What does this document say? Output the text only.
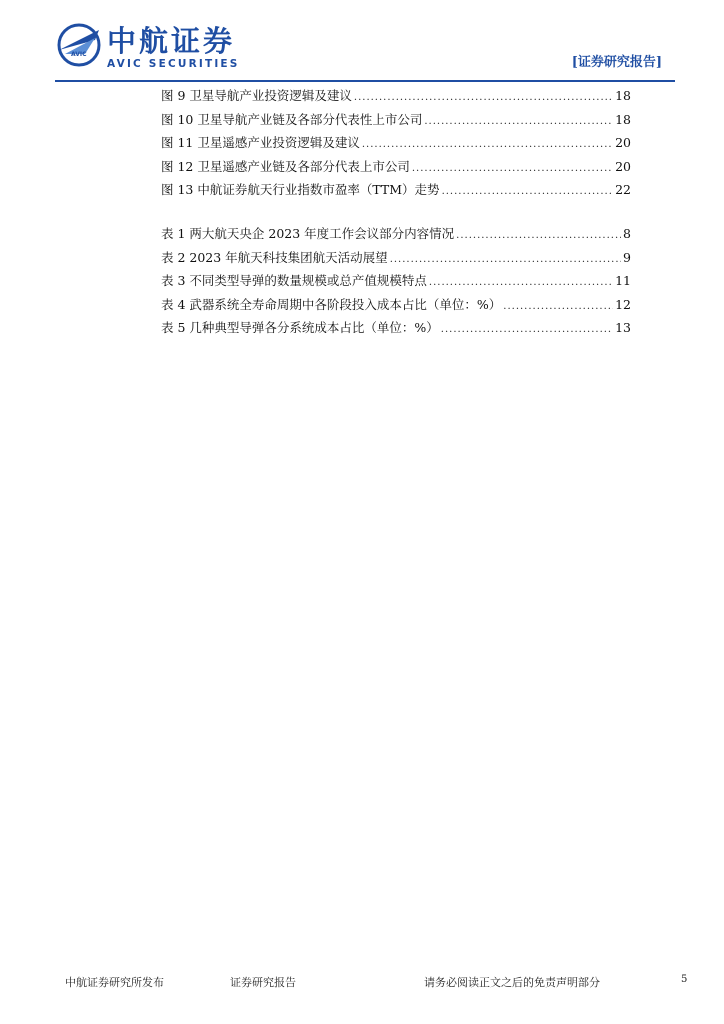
AVIC 中航证券
AVIC SECURITIES	[证券研究报告]
图 9 卫星导航产业投资逻辑及建议 .....	18
图 10 卫星导航产业链及各部分代表性上市公司 .....	18
图 11 卫星遥感产业投资逻辑及建议 .....	20
图 12 卫星遥感产业链及各部分代表上市公司 .....	20
图 13 中航证券航天行业指数市盈率（TTM）走势 .....	22
表 1 两大航天央企 2023 年度工作会议部分内容情况 .....	8
表 2 2023 年航天科技集团航天活动展望 .....	9
表 3 不同类型导弹的数量规模或总产值规模特点 .....	11
表 4 武器系统全寿命周期中各阶段投入成本占比（单位：%） .....	12
表 5 几种典型导弹各分系统成本占比（单位：%） .....	13
中航证券研究所发布	证券研究报告	请务必阅读正文之后的免责声明部分	5
